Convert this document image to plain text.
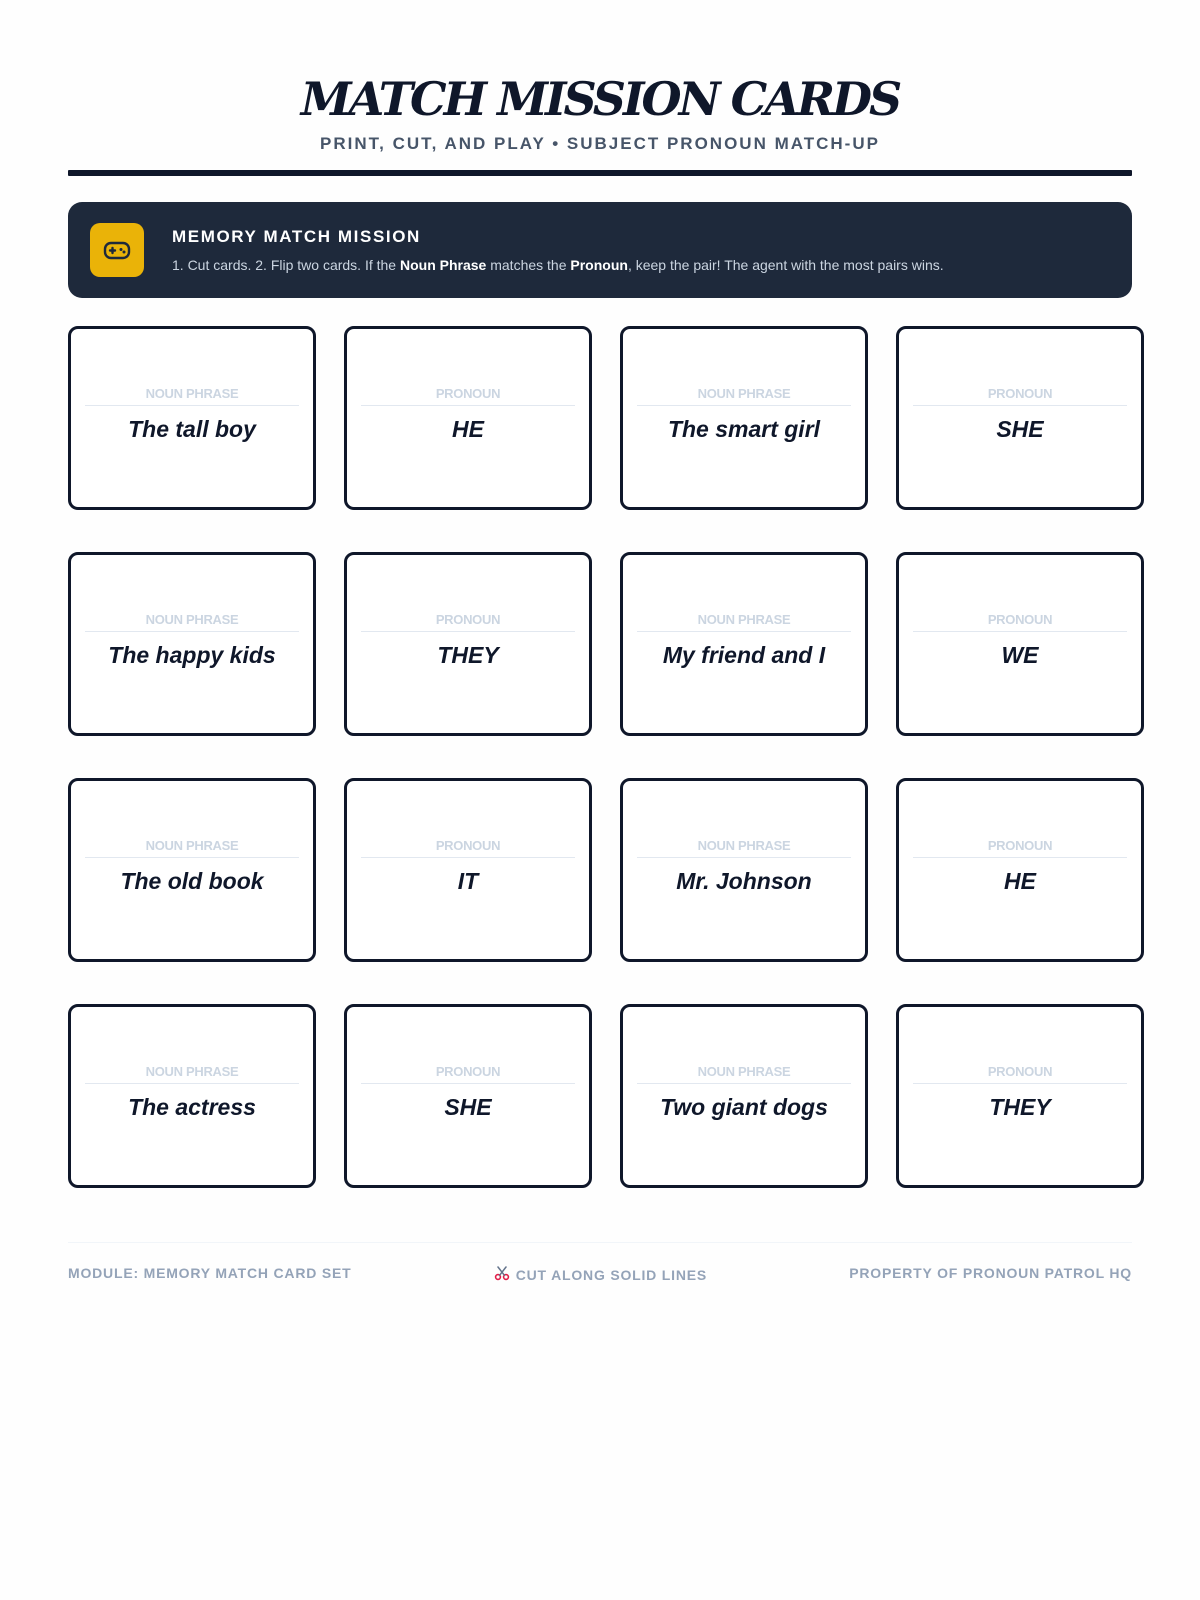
MATCH MISSION CARDS
PRINT, CUT, AND PLAY • SUBJECT PRONOUN MATCH-UP
MEMORY MATCH MISSION
1. Cut cards. 2. Flip two cards. If the Noun Phrase matches the Pronoun, keep the pair! The agent with the most pairs wins.
NOUN PHRASE
The tall boy
PRONOUN
HE
NOUN PHRASE
The smart girl
PRONOUN
SHE
NOUN PHRASE
The happy kids
PRONOUN
THEY
NOUN PHRASE
My friend and I
PRONOUN
WE
NOUN PHRASE
The old book
PRONOUN
IT
NOUN PHRASE
Mr. Johnson
PRONOUN
HE
NOUN PHRASE
The actress
PRONOUN
SHE
NOUN PHRASE
Two giant dogs
PRONOUN
THEY
MODULE: MEMORY MATCH CARD SET	CUT ALONG SOLID LINES	PROPERTY OF PRONOUN PATROL HQ
